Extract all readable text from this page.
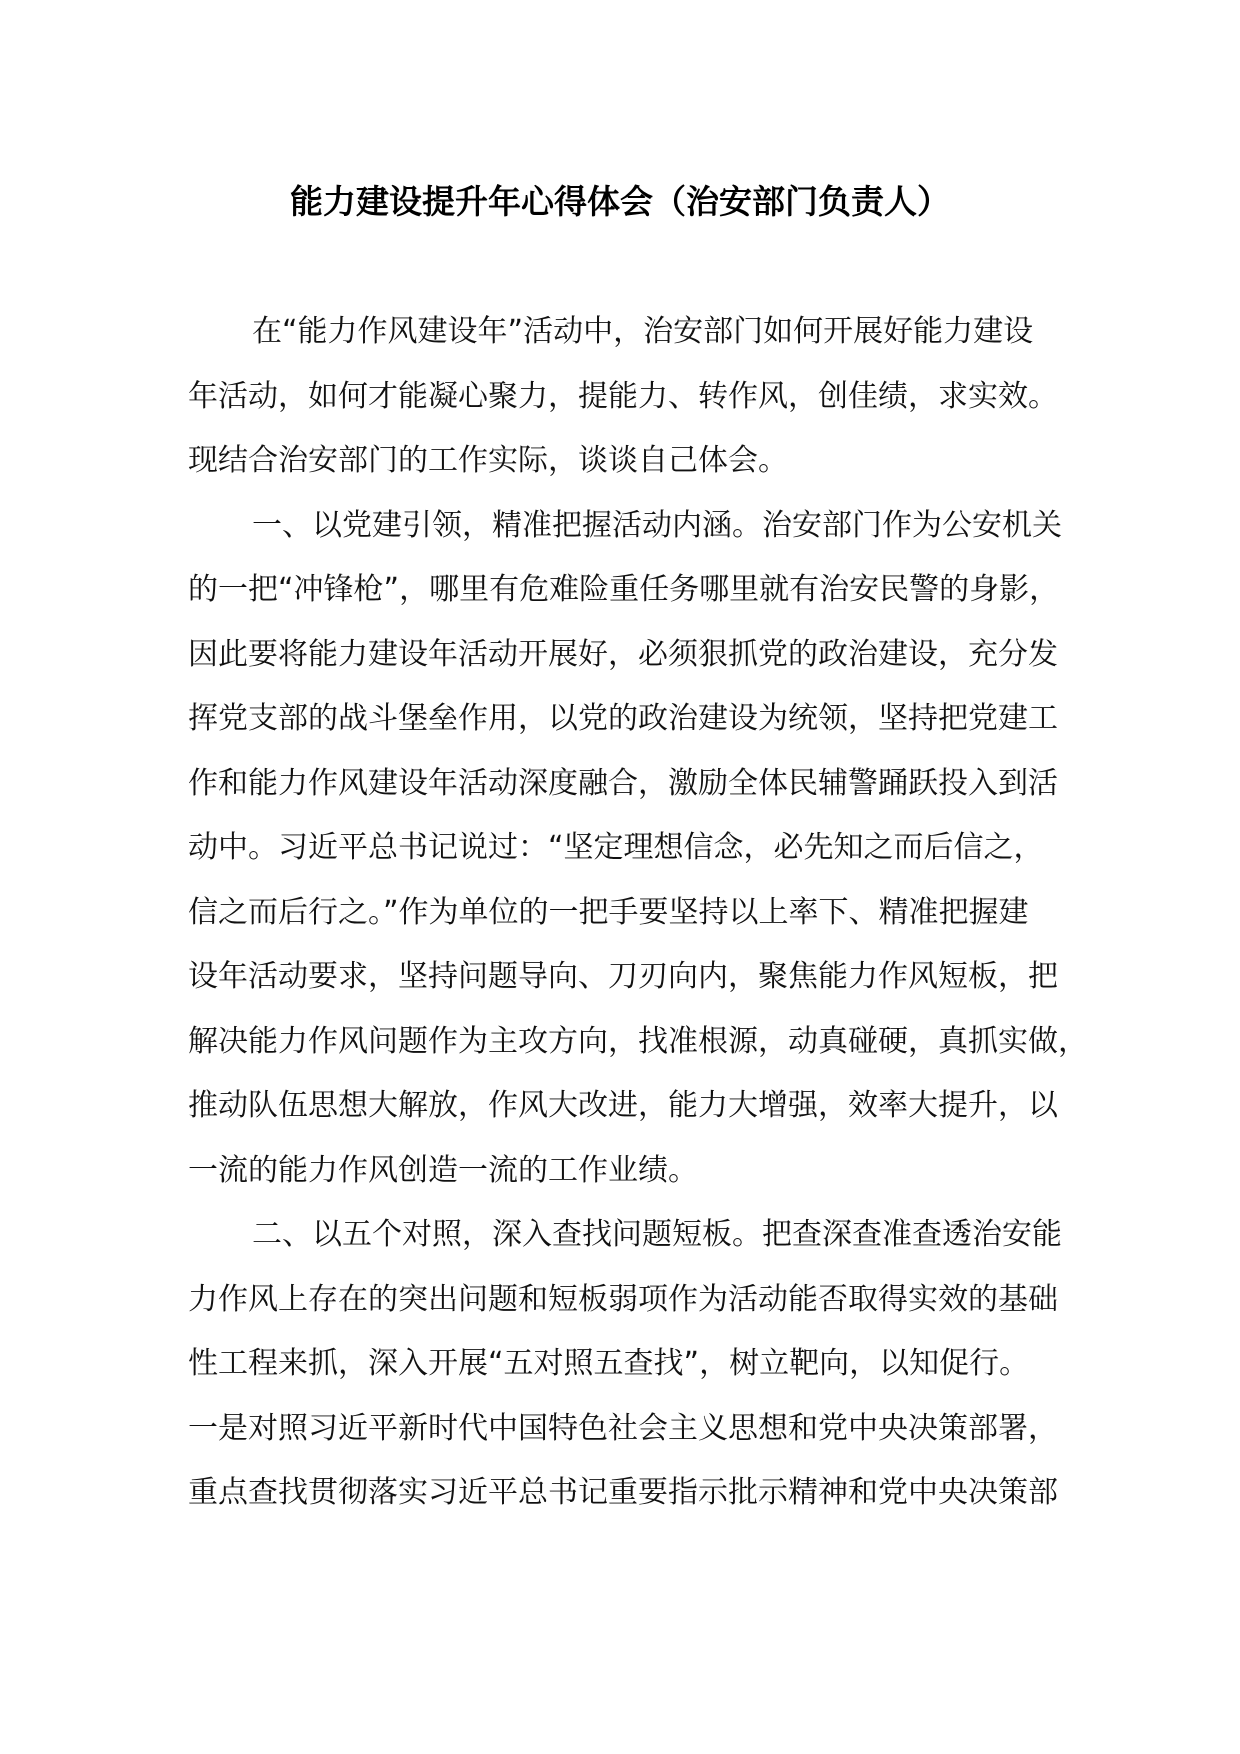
能力建设提升年心得体会（治安部门负责人）
在“能力作风建设年”活动中，治安部门如何开展好能力建设
年活动，如何才能凝心聚力，提能力、转作风，创佳绩，求实效。
现结合治安部门的工作实际，谈谈自己体会。
一、以党建引领，精准把握活动内涵。治安部门作为公安机关
的一把“冲锋枪”，哪里有危难险重任务哪里就有治安民警的身影，
因此要将能力建设年活动开展好，必须狠抓党的政治建设，充分发
挥党支部的战斗堡垒作用，以党的政治建设为统领，坚持把党建工
作和能力作风建设年活动深度融合，激励全体民辅警踊跃投入到活
动中。习近平总书记说过：“坚定理想信念，必先知之而后信之，
信之而后行之。”作为单位的一把手要坚持以上率下、精准把握建
设年活动要求，坚持问题导向、刀刃向内，聚焦能力作风短板，把
解决能力作风问题作为主攻方向，找准根源，动真碰硬，真抓实做，
推动队伍思想大解放，作风大改进，能力大增强，效率大提升，以
一流的能力作风创造一流的工作业绩。
二、以五个对照，深入查找问题短板。把查深查准查透治安能
力作风上存在的突出问题和短板弱项作为活动能否取得实效的基础
性工程来抓，深入开展“五对照五查找”，树立靶向，以知促行。
一是对照习近平新时代中国特色社会主义思想和党中央决策部署，
重点查找贯彻落实习近平总书记重要指示批示精神和党中央决策部
